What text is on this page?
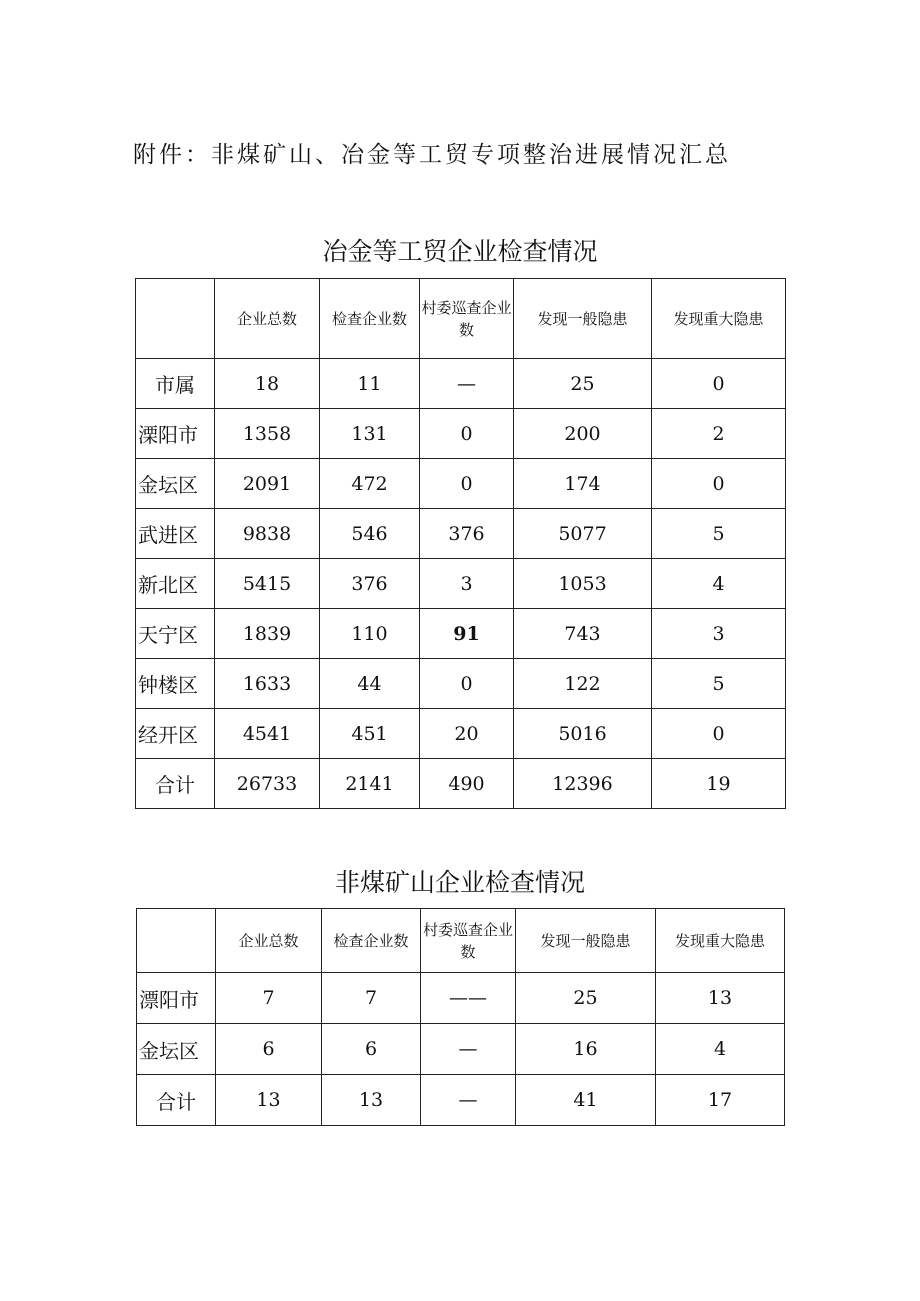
附件：非煤矿山、冶金等工贸专项整治进展情况汇总
冶金等工贸企业检查情况
	企业总数	检查企业数	村委巡查企业数	发现一般隐患	发现重大隐患
市属	18	11	—	25	0
溧阳市	1358	131	0	200	2
金坛区	2091	472	0	174	0
武进区	9838	546	376	5077	5
新北区	5415	376	3	1053	4
天宁区	1839	110	91	743	3
钟楼区	1633	44	0	122	5
经开区	4541	451	20	5016	0
合计	26733	2141	490	12396	19
非煤矿山企业检查情况
	企业总数	检查企业数	村委巡查企业数	发现一般隐患	发现重大隐患
漂阳市	7	7	——	25	13
金坛区	6	6	—	16	4
合计	13	13	—	41	17
